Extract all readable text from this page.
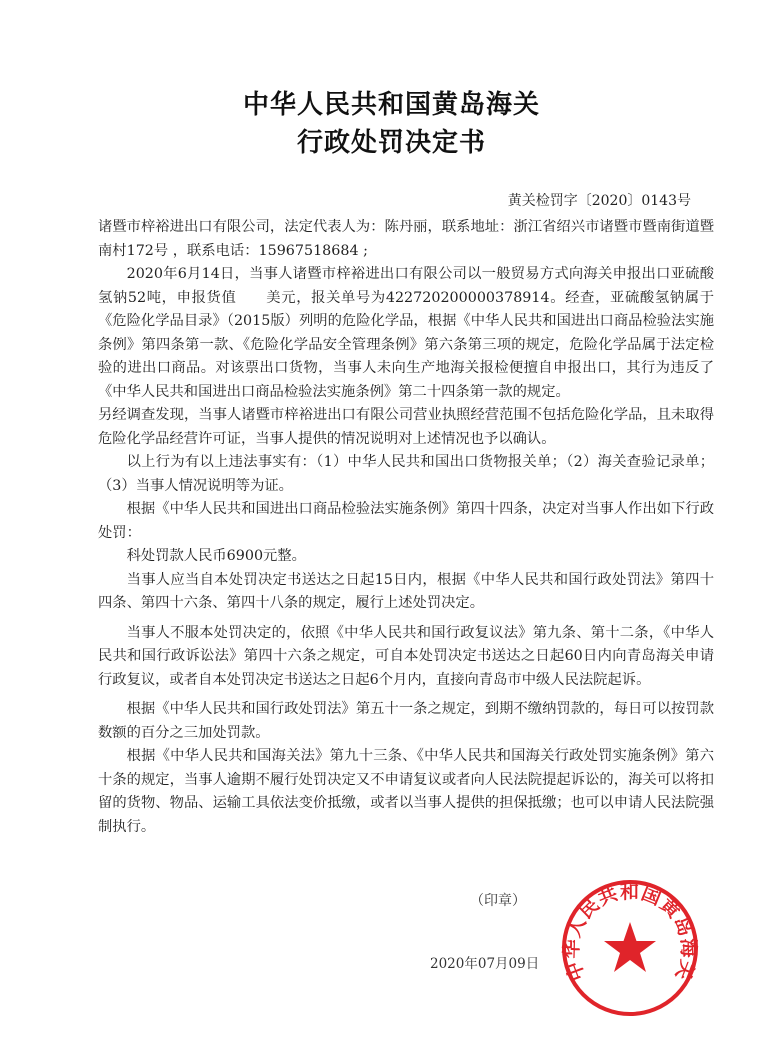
中华人民共和国黄岛海关
行政处罚决定书
黄关检罚字〔2020〕0143号

诸暨市梓裕进出口有限公司，法定代表人为：陈丹丽，联系地址：浙江省绍兴市诸暨市暨南街道暨南村172号 ，联系电话：15967518684 ;

2020年6月14日，当事人诸暨市梓裕进出口有限公司以一般贸易方式向海关申报出口亚硫酸氢钠52吨，申报货值　　美元，报关单号为422720200000378914。经查，亚硫酸氢钠属于《危险化学品目录》（2015版）列明的危险化学品，根据《中华人民共和国进出口商品检验法实施条例》第四条第一款、《危险化学品安全管理条例》第六条第三项的规定，危险化学品属于法定检验的进出口商品。对该票出口货物，当事人未向生产地海关报检便擅自申报出口，其行为违反了《中华人民共和国进出口商品检验法实施条例》第二十四条第一款的规定。

另经调查发现，当事人诸暨市梓裕进出口有限公司营业执照经营范围不包括危险化学品，且未取得危险化学品经营许可证，当事人提供的情况说明对上述情况也予以确认。

以上行为有以上违法事实有：（1）中华人民共和国出口货物报关单；（2）海关查验记录单；（3）当事人情况说明等为证。

根据《中华人民共和国进出口商品检验法实施条例》第四十四条，决定对当事人作出如下行政处罚：

科处罚款人民币6900元整。

当事人应当自本处罚决定书送达之日起15日内，根据《中华人民共和国行政处罚法》第四十四条、第四十六条、第四十八条的规定，履行上述处罚决定。

当事人不服本处罚决定的，依照《中华人民共和国行政复议法》第九条、第十二条，《中华人民共和国行政诉讼法》第四十六条之规定，可自本处罚决定书送达之日起60日内向青岛海关申请行政复议，或者自本处罚决定书送达之日起6个月内，直接向青岛市中级人民法院起诉。

根据《中华人民共和国行政处罚法》第五十一条之规定，到期不缴纳罚款的，每日可以按罚款数额的百分之三加处罚款。

根据《中华人民共和国海关法》第九十三条、《中华人民共和国海关行政处罚实施条例》第六十条的规定，当事人逾期不履行处罚决定又不申请复议或者向人民法院提起诉讼的，海关可以将扣留的货物、物品、运输工具依法变价抵缴，或者以当事人提供的担保抵缴；也可以申请人民法院强制执行。

中华人民共和国黄岛海关
（印章）
2020年07月09日
